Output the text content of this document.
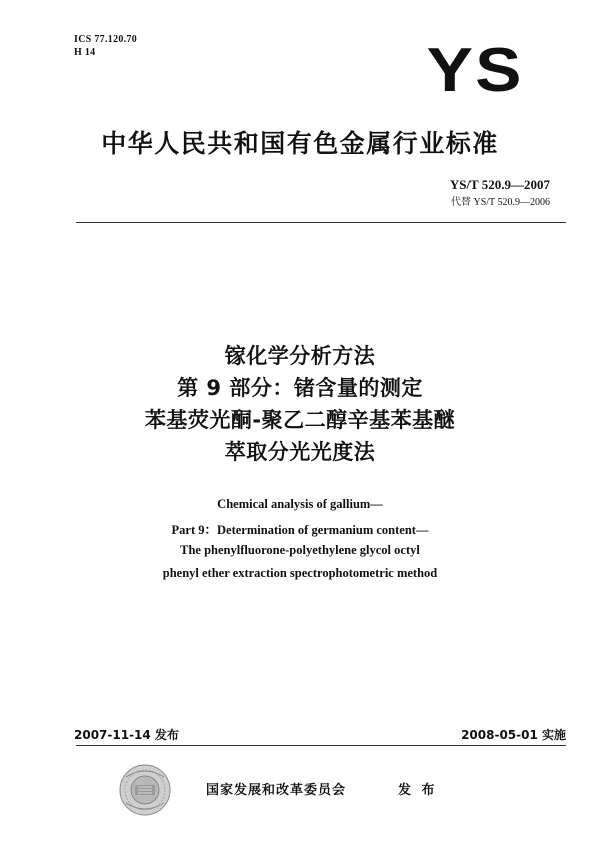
ICS 77.120.70
H 14	YS
中华人民共和国有色金属行业标准
YS/T 520.9—2007
代替 YS/T 520.9—2006
镓化学分析方法
第 9 部分：锗含量的测定
苯基荧光酮-聚乙二醇辛基苯基醚
萃取分光光度法
Chemical analysis of gallium—
Part 9：Determination of germanium content—
The phenylfluorone-polyethylene glycol octyl
phenyl ether extraction spectrophotometric method
2007-11-14 发布	2008-05-01 实施
国家发展和改革委员会	发 布
